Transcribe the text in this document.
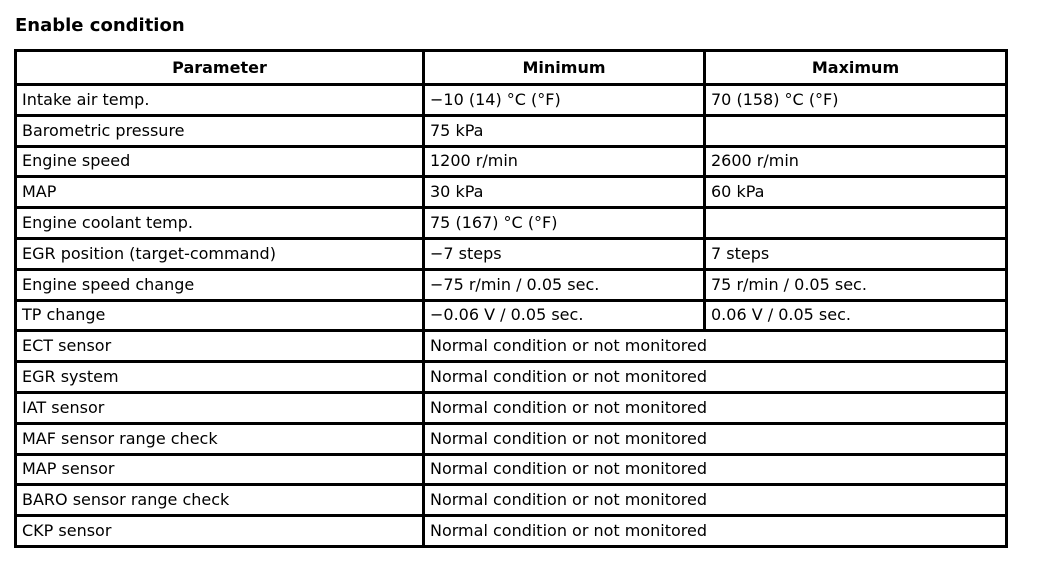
Enable condition
Parameter	Minimum	Maximum
Intake air temp.	−10 (14) °C (°F)	70 (158) °C (°F)
Barometric pressure	75 kPa	
Engine speed	1200 r/min	2600 r/min
MAP	30 kPa	60 kPa
Engine coolant temp.	75 (167) °C (°F)	
EGR position (target-command)	−7 steps	7 steps
Engine speed change	−75 r/min / 0.05 sec.	75 r/min / 0.05 sec.
TP change	−0.06 V / 0.05 sec.	0.06 V / 0.05 sec.
ECT sensor	Normal condition or not monitored	
EGR system	Normal condition or not monitored	
IAT sensor	Normal condition or not monitored	
MAF sensor range check	Normal condition or not monitored	
MAP sensor	Normal condition or not monitored	
BARO sensor range check	Normal condition or not monitored	
CKP sensor	Normal condition or not monitored	
